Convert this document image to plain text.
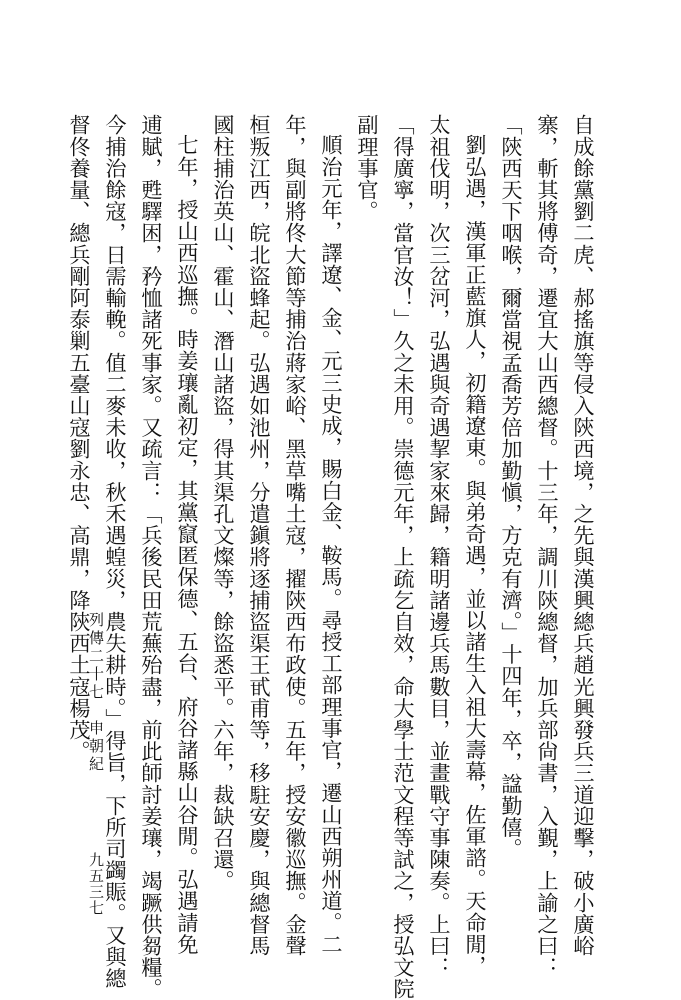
自成餘黨劉二虎、郝搖旗等侵入陝西境，之先與漢興總兵趙光興發兵三道迎擊，破小廣峪
寨，斬其將傅奇，遷宜大山西總督。十三年，調川陝總督，加兵部尙書，入覲，上諭之曰：
「陝西天下咽喉，爾當視孟喬芳倍加勤愼，方克有濟。」十四年，卒，諡勤僖。
劉弘遇，漢軍正藍旗人，初籍遼東。與弟奇遇，並以諸生入祖大壽幕，佐軍諮。天命閒，
太祖伐明，次三岔河，弘遇與奇遇挈家來歸，籍明諸邊兵馬數目，並畫戰守事陳奏。上曰：
「得廣寧，當官汝！」久之未用。崇德元年，上疏乞自效，命大學士范文程等試之，授弘文院
副理事官。
順治元年，譯遼、金、元三史成，賜白金、鞍馬。尋授工部理事官，遷山西朔州道。二
年，與副將佟大節等捕治蔣家峪、黑草嘴土寇，擢陝西布政使。五年，授安徽巡撫。金聲
桓叛江西，皖北盜蜂起。弘遇如池州，分遣鎭將逐捕盜渠王甙甫等，移駐安慶，與總督馬
國柱捕治英山、霍山、潛山諸盜，得其渠孔文燦等，餘盜悉平。六年，裁缺召還。
七年，授山西巡撫。時姜瓖亂初定，其黨竄匿保德、五台、府谷諸縣山谷閒。弘遇請免
逋賦，甦驛困，矜恤諸死事家。又疏言：「兵後民田荒蕪殆盡，前此師討姜瓖，竭蹶供芻糧。
今捕治餘寇，日需輸輓。值二麥未收，秋禾遇蝗災，農失耕時。」得旨，下所司蠲賑。又與總
督佟養量、總兵剛阿泰剿五臺山寇劉永忠、高鼎，降陝西土寇楊茂。
列傳二十七　申朝紀
九五三七
